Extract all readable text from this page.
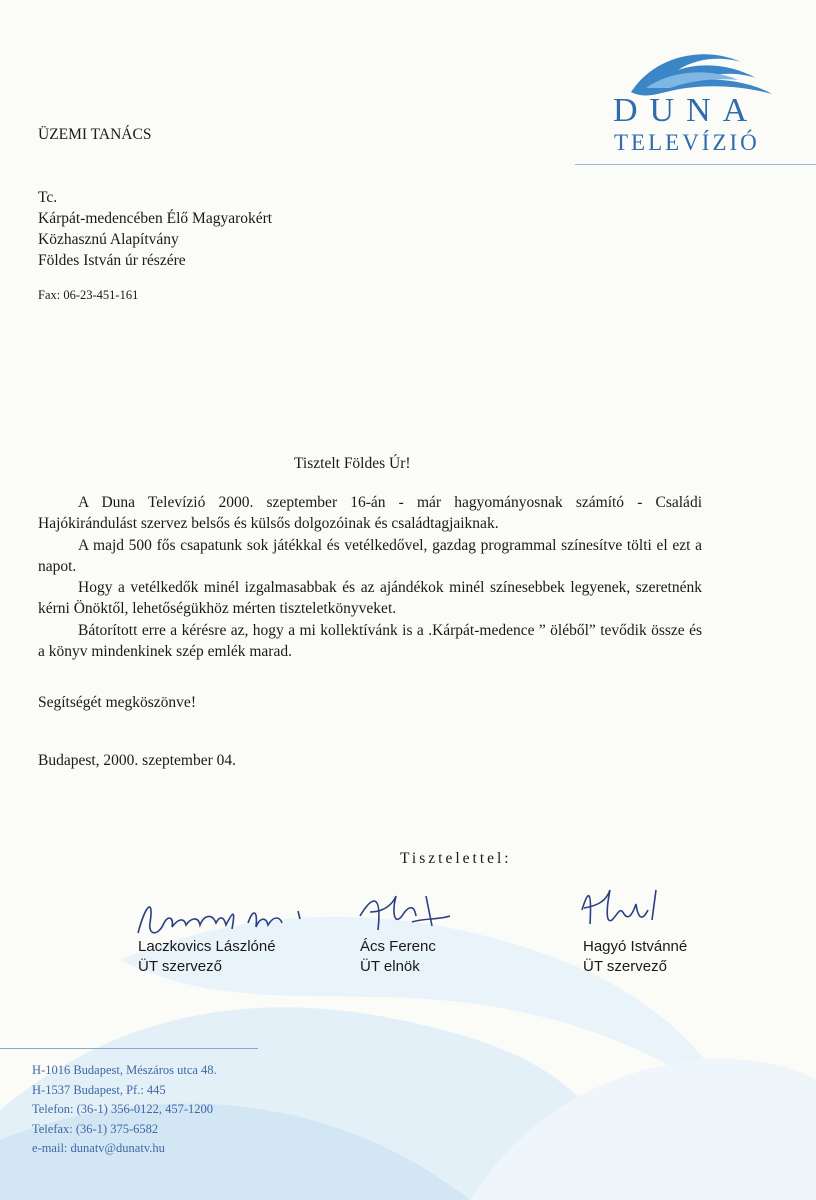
DUNA
TELEVÍZIÓ
ÜZEMI TANÁCS
Tc.
Kárpát-medencében Élő Magyarokért
Közhasznú Alapítvány
Földes István úr részére
Fax: 06-23-451-161
Tisztelt Földes Úr!

A Duna Televízió 2000. szeptember 16-án - már hagyományosnak számító - Családi Hajókirándulást szervez belsős és külsős dolgozóinak és családtagjaiknak.

A majd 500 fős csapatunk sok játékkal és vetélkedővel, gazdag programmal színesítve tölti el ezt a napot.

Hogy a vetélkedők minél izgalmasabbak és az ajándékok minél színesebbek legyenek, szeretnénk kérni Önöktől, lehetőségükhöz mérten tiszteletkönyveket.

Bátorított erre a kérésre az, hogy a mi kollektívánk is a .Kárpát-medence ” öléből” tevődik össze és a könyv mindenkinek szép emlék marad.

Segítségét megköszönve!
Budapest, 2000. szeptember 04.
Tisztelettel:
Laczkovics Lászlóné
ÜT szervező
Ács Ferenc
ÜT elnök
Hagyó Istvánné
ÜT szervező
H-1016 Budapest, Mészáros utca 48.
H-1537 Budapest, Pf.: 445
Telefon: (36-1) 356-0122, 457-1200
Telefax: (36-1) 375-6582
e-mail: dunatv@dunatv.hu
